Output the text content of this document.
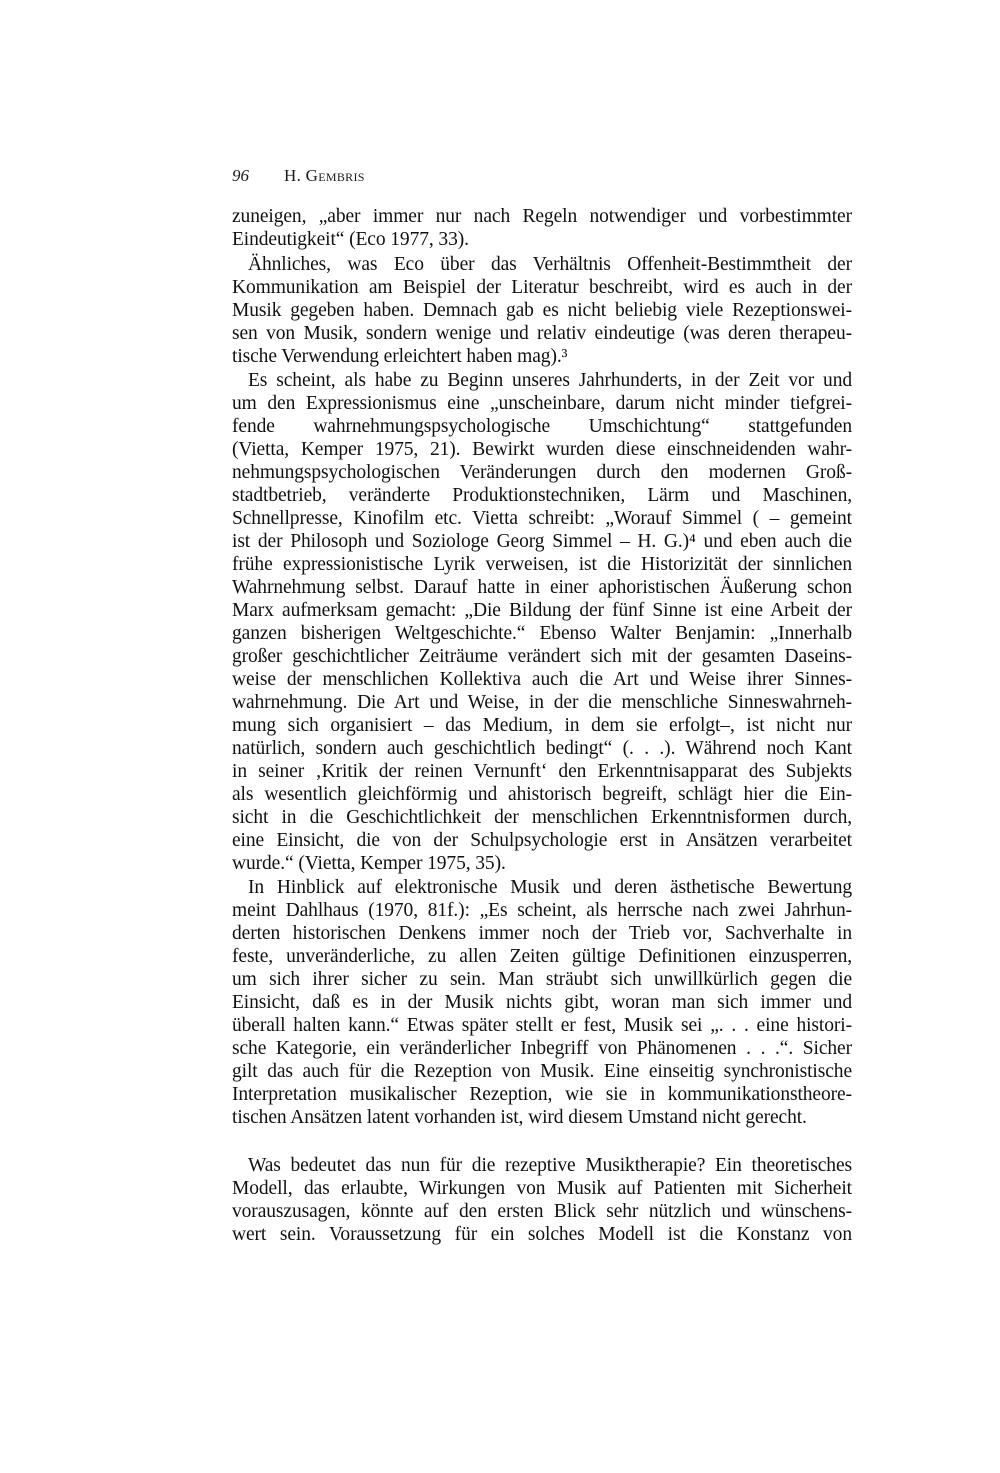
96 H. Gembris
zuneigen, „aber immer nur nach Regeln notwendiger und vorbestimmter
Eindeutigkeit“ (Eco 1977, 33).
Ähnliches, was Eco über das Verhältnis Offenheit-Bestimmtheit der
Kommunikation am Beispiel der Literatur beschreibt, wird es auch in der
Musik gegeben haben. Demnach gab es nicht beliebig viele Rezeptionswei-
sen von Musik, sondern wenige und relativ eindeutige (was deren therapeu-
tische Verwendung erleichtert haben mag).³
Es scheint, als habe zu Beginn unseres Jahrhunderts, in der Zeit vor und
um den Expressionismus eine „unscheinbare, darum nicht minder tiefgrei-
fende wahrnehmungspsychologische Umschichtung“ stattgefunden
(Vietta, Kemper 1975, 21). Bewirkt wurden diese einschneidenden wahr-
nehmungspsychologischen Veränderungen durch den modernen Groß-
stadtbetrieb, veränderte Produktionstechniken, Lärm und Maschinen,
Schnellpresse, Kinofilm etc. Vietta schreibt: „Worauf Simmel ( – gemeint
ist der Philosoph und Soziologe Georg Simmel – H. G.)⁴ und eben auch die
frühe expressionistische Lyrik verweisen, ist die Historizität der sinnlichen
Wahrnehmung selbst. Darauf hatte in einer aphoristischen Äußerung schon
Marx aufmerksam gemacht: „Die Bildung der fünf Sinne ist eine Arbeit der
ganzen bisherigen Weltgeschichte.“ Ebenso Walter Benjamin: „Innerhalb
großer geschichtlicher Zeiträume verändert sich mit der gesamten Daseins-
weise der menschlichen Kollektiva auch die Art und Weise ihrer Sinnes-
wahrnehmung. Die Art und Weise, in der die menschliche Sinneswahrneh-
mung sich organisiert – das Medium, in dem sie erfolgt–, ist nicht nur
natürlich, sondern auch geschichtlich bedingt“ (. . .). Während noch Kant
in seiner ‚Kritik der reinen Vernunft‘ den Erkenntnisapparat des Subjekts
als wesentlich gleichförmig und ahistorisch begreift, schlägt hier die Ein-
sicht in die Geschichtlichkeit der menschlichen Erkenntnisformen durch,
eine Einsicht, die von der Schulpsychologie erst in Ansätzen verarbeitet
wurde.“ (Vietta, Kemper 1975, 35).
In Hinblick auf elektronische Musik und deren ästhetische Bewertung
meint Dahlhaus (1970, 81f.): „Es scheint, als herrsche nach zwei Jahrhun-
derten historischen Denkens immer noch der Trieb vor, Sachverhalte in
feste, unveränderliche, zu allen Zeiten gültige Definitionen einzusperren,
um sich ihrer sicher zu sein. Man sträubt sich unwillkürlich gegen die
Einsicht, daß es in der Musik nichts gibt, woran man sich immer und
überall halten kann.“ Etwas später stellt er fest, Musik sei „. . . eine histori-
sche Kategorie, ein veränderlicher Inbegriff von Phänomenen . . .“. Sicher
gilt das auch für die Rezeption von Musik. Eine einseitig synchronistische
Interpretation musikalischer Rezeption, wie sie in kommunikationstheore-
tischen Ansätzen latent vorhanden ist, wird diesem Umstand nicht gerecht.
Was bedeutet das nun für die rezeptive Musiktherapie? Ein theoretisches
Modell, das erlaubte, Wirkungen von Musik auf Patienten mit Sicherheit
vorauszusagen, könnte auf den ersten Blick sehr nützlich und wünschens-
wert sein. Voraussetzung für ein solches Modell ist die Konstanz von
